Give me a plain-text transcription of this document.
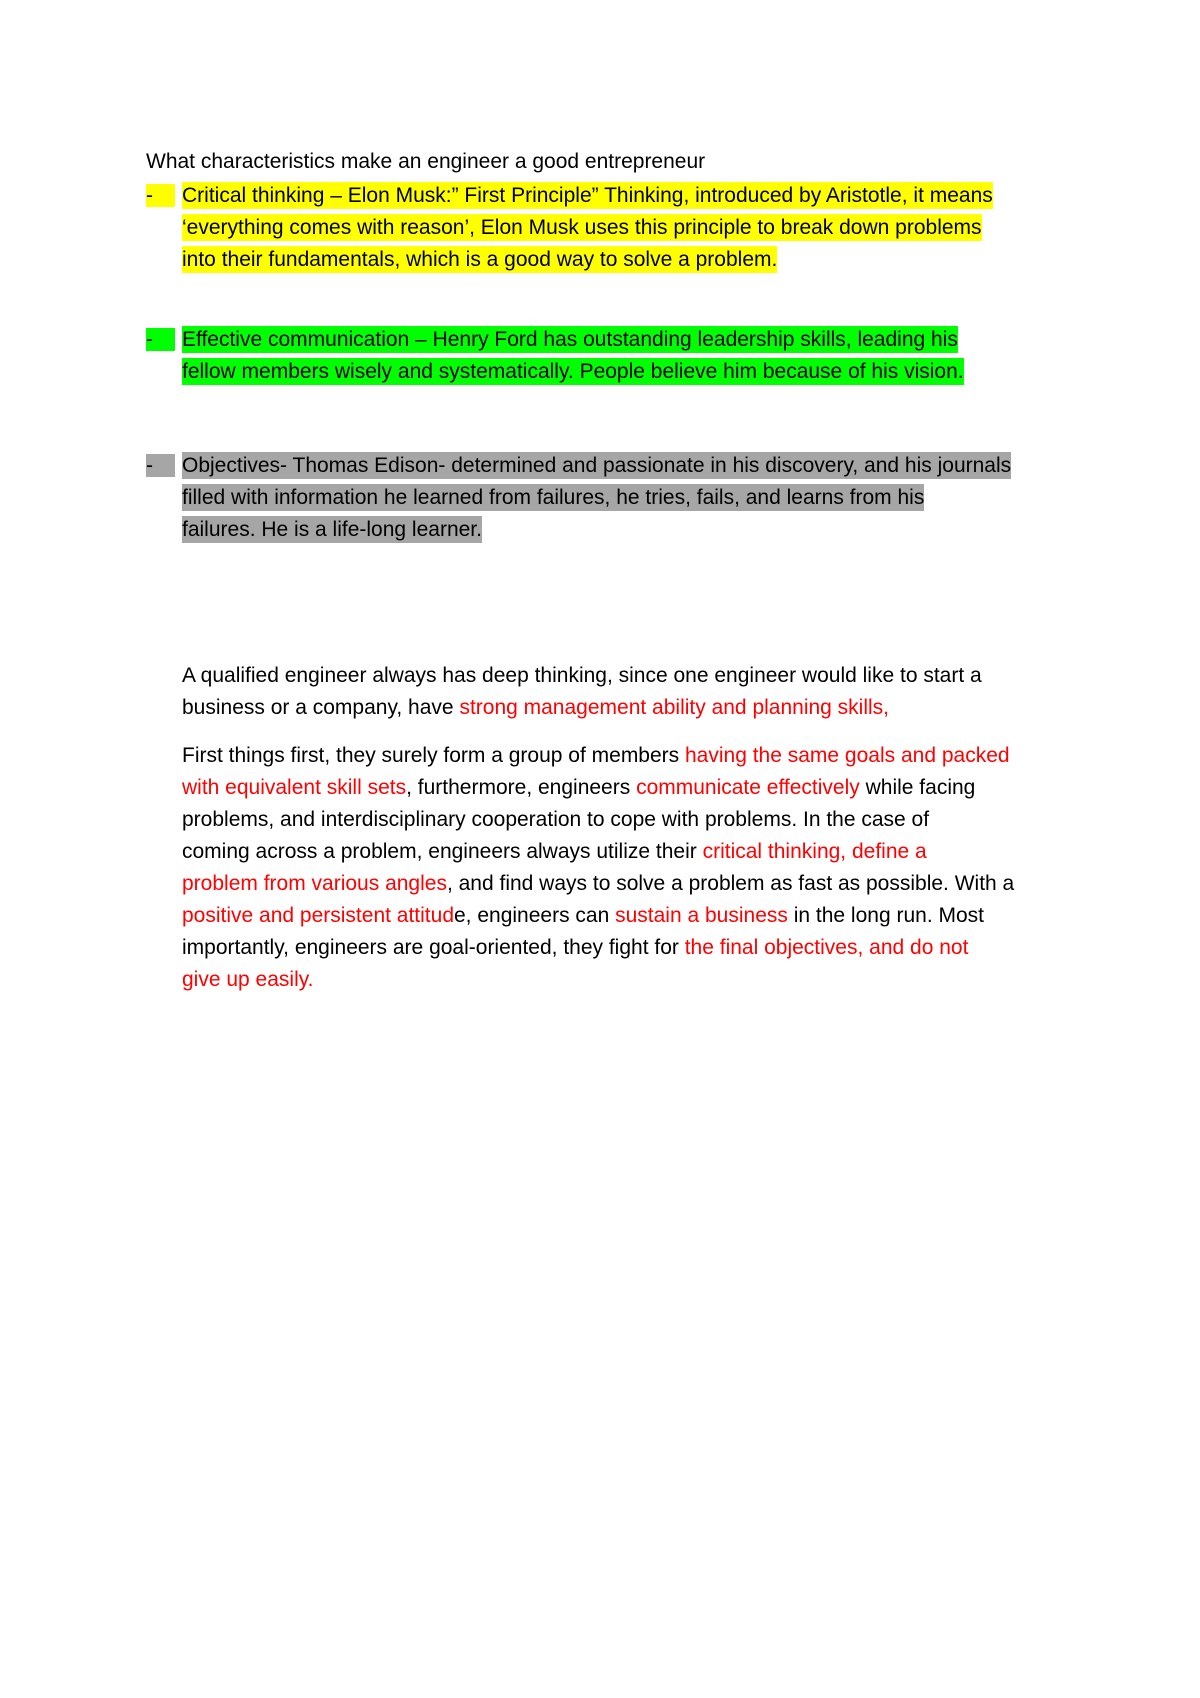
What characteristics make an engineer a good entrepreneur
-	Critical thinking – Elon Musk:” First Principle” Thinking, introduced by Aristotle, it means
‘everything comes with reason’, Elon Musk uses this principle to break down problems
into their fundamentals, which is a good way to solve a problem.
-	Effective communication – Henry Ford has outstanding leadership skills, leading his
fellow members wisely and systematically. People believe him because of his vision.
-	Objectives- Thomas Edison- determined and passionate in his discovery, and his journals
filled with information he learned from failures, he tries, fails, and learns from his
failures. He is a life-long learner.
A qualified engineer always has deep thinking, since one engineer would like to start a
business or a company, have strong management ability and planning skills,
First things first, they surely form a group of members having the same goals and packed
with equivalent skill sets, furthermore, engineers communicate effectively while facing
problems, and interdisciplinary cooperation to cope with problems. In the case of
coming across a problem, engineers always utilize their critical thinking, define a
problem from various angles, and find ways to solve a problem as fast as possible. With a
positive and persistent attitude, engineers can sustain a business in the long run. Most
importantly, engineers are goal-oriented, they fight for the final objectives, and do not
give up easily.
